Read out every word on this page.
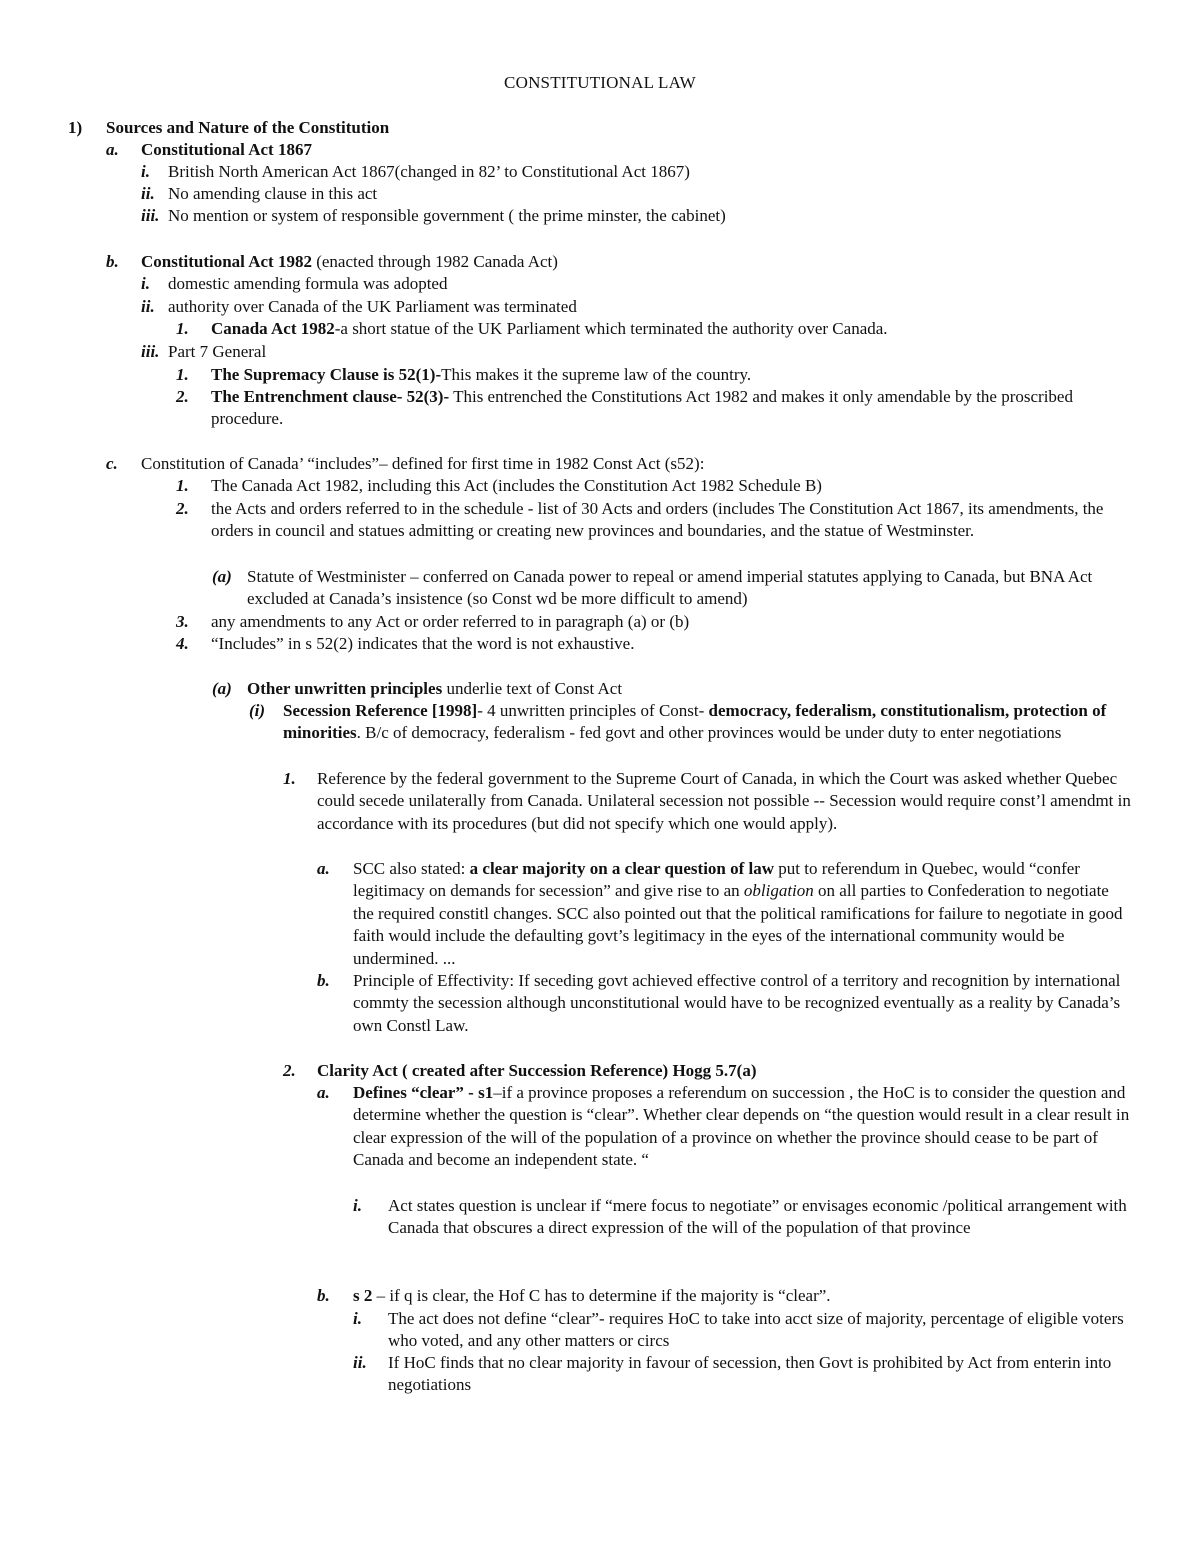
CONSTITUTIONAL LAW
1) Sources and Nature of the Constitution
a. Constitutional Act 1867
i. British North American Act 1867(changed in 82’ to Constitutional Act 1867)
ii. No amending clause in this act
iii. No mention or system of responsible government ( the prime minster, the cabinet)
b. Constitutional Act 1982 (enacted through 1982 Canada Act)
i. domestic amending formula was adopted
ii. authority over Canada of the UK Parliament was terminated
1. Canada Act 1982-a short statue of the UK Parliament which terminated the authority over Canada.
iii. Part 7 General
1. The Supremacy Clause is 52(1)-This makes it the supreme law of the country.
2. The Entrenchment clause- 52(3)- This entrenched the Constitutions Act 1982 and makes it only amendable by the proscribed procedure.
c. Constitution of Canada’ “includes”– defined for first time in 1982 Const Act (s52):
1. The Canada Act 1982, including this Act (includes the Constitution Act 1982 Schedule B)
2. the Acts and orders referred to in the schedule - list of 30 Acts and orders (includes The Constitution Act 1867, its amendments, the orders in council and statues admitting or creating new provinces and boundaries, and the statue of Westminster.
(a) Statute of Westminister – conferred on Canada power to repeal or amend imperial statutes applying to Canada, but BNA Act excluded at Canada’s insistence (so Const wd be more difficult to amend)
3. any amendments to any Act or order referred to in paragraph (a) or (b)
4. “Includes” in s 52(2) indicates that the word is not exhaustive.
(a) Other unwritten principles underlie text of Const Act
(i) Secession Reference [1998]- 4 unwritten principles of Const- democracy, federalism, constitutionalism, protection of minorities. B/c of democracy, federalism - fed govt and other provinces would be under duty to enter negotiations
1. Reference by the federal government to the Supreme Court of Canada, in which the Court was asked whether Quebec could secede unilaterally from Canada. Unilateral secession not possible -- Secession would require const’l amendmt in accordance with its procedures (but did not specify which one would apply).
a. SCC also stated: a clear majority on a clear question of law put to referendum in Quebec, would “confer legitimacy on demands for secession” and give rise to an obligation on all parties to Confederation to negotiate the required constitl changes. SCC also pointed out that the political ramifications for failure to negotiate in good faith would include the defaulting govt’s legitimacy in the eyes of the international community would be undermined. ...
b. Principle of Effectivity: If seceding govt achieved effective control of a territory and recognition by international commty the secession although unconstitutional would have to be recognized eventually as a reality by Canada’s own Constl Law.
2. Clarity Act ( created after Succession Reference) Hogg 5.7(a)
a. Defines “clear” - s1–if a province proposes a referendum on succession , the HoC is to consider the question and determine whether the question is “clear”. Whether clear depends on “the question would result in a clear result in clear expression of the will of the population of a province on whether the province should cease to be part of Canada and become an independent state. “
i. Act states question is unclear if “mere focus to negotiate” or envisages economic /political arrangement with Canada that obscures a direct expression of the will of the population of that province
b. s 2 – if q is clear, the Hof C has to determine if the majority is “clear”.
i. The act does not define “clear”- requires HoC to take into acct size of majority, percentage of eligible voters who voted, and any other matters or circs
ii. If HoC finds that no clear majority in favour of secession, then Govt is prohibited by Act from enterin into negotiations
